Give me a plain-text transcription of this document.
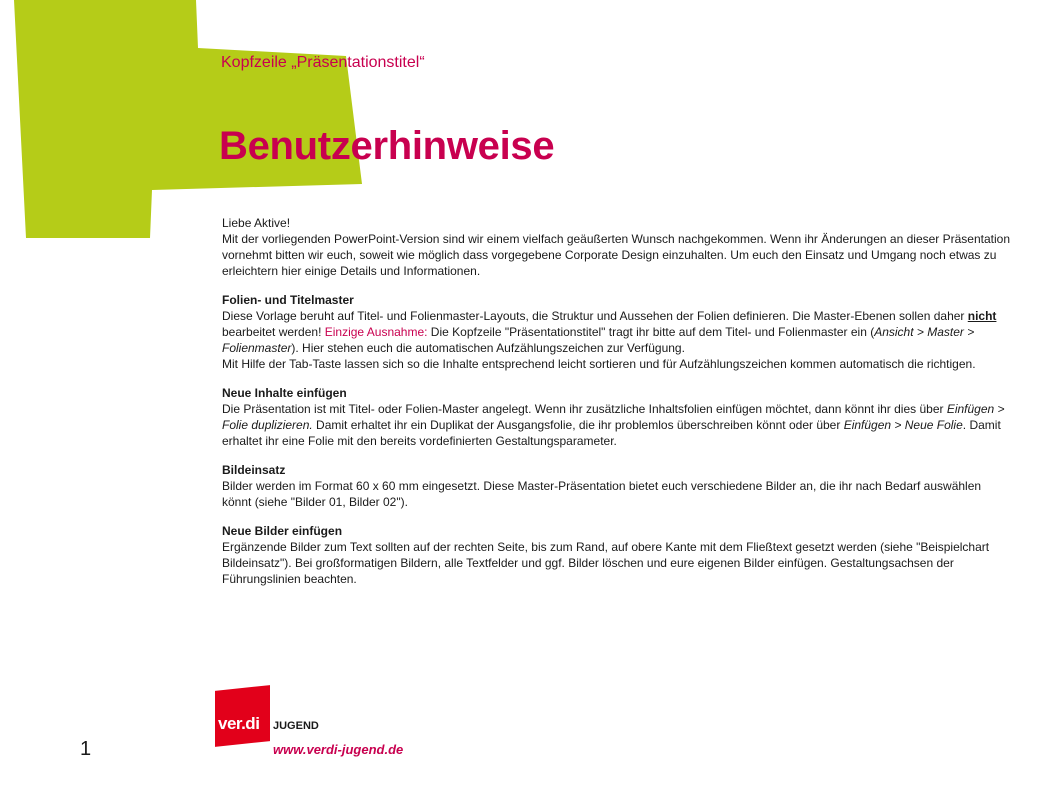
Kopfzeile „Präsentationstitel“
Benutzerhinweise

Liebe Aktive!
Mit der vorliegenden PowerPoint-Version sind wir einem vielfach geäußerten Wunsch nachgekommen. Wenn ihr Änderungen an dieser Präsentation vornehmt bitten wir euch, soweit wie möglich dass vorgegebene Corporate Design einzuhalten. Um euch den Einsatz und Umgang noch etwas zu erleichtern hier einige Details und Informationen.

Folien- und Titelmaster
Diese Vorlage beruht auf Titel- und Folienmaster-Layouts, die Struktur und Aussehen der Folien definieren. Die Master-Ebenen sollen daher nicht bearbeitet werden! Einzige Ausnahme: Die Kopfzeile "Präsentationstitel" tragt ihr bitte auf dem Titel- und Folienmaster ein (Ansicht > Master > Folienmaster). Hier stehen euch die automatischen Aufzählungszeichen zur Verfügung.
Mit Hilfe der Tab-Taste lassen sich so die Inhalte entsprechend leicht sortieren und für Aufzählungszeichen kommen automatisch die richtigen.

Neue Inhalte einfügen
Die Präsentation ist mit Titel- oder Folien-Master angelegt. Wenn ihr zusätzliche Inhaltsfolien einfügen möchtet, dann könnt ihr dies über Einfügen > Folie duplizieren. Damit erhaltet ihr ein Duplikat der Ausgangsfolie, die ihr problemlos überschreiben könnt oder über Einfügen > Neue Folie. Damit erhaltet ihr eine Folie mit den bereits vordefinierten Gestaltungsparameter.

Bildeinsatz
Bilder werden im Format 60 x 60 mm eingesetzt. Diese Master-Präsentation bietet euch verschiedene Bilder an, die ihr nach Bedarf auswählen könnt (siehe "Bilder 01, Bilder 02").

Neue Bilder einfügen
Ergänzende Bilder zum Text sollten auf der rechten Seite, bis zum Rand, auf obere Kante mit dem Fließtext gesetzt werden (siehe "Beispielchart Bildeinsatz"). Bei großformatigen Bildern, alle Textfelder und ggf. Bilder löschen und eure eigenen Bilder einfügen. Gestaltungsachsen der Führungslinien beachten.

ver.di JUGEND
www.verdi-jugend.de
1
